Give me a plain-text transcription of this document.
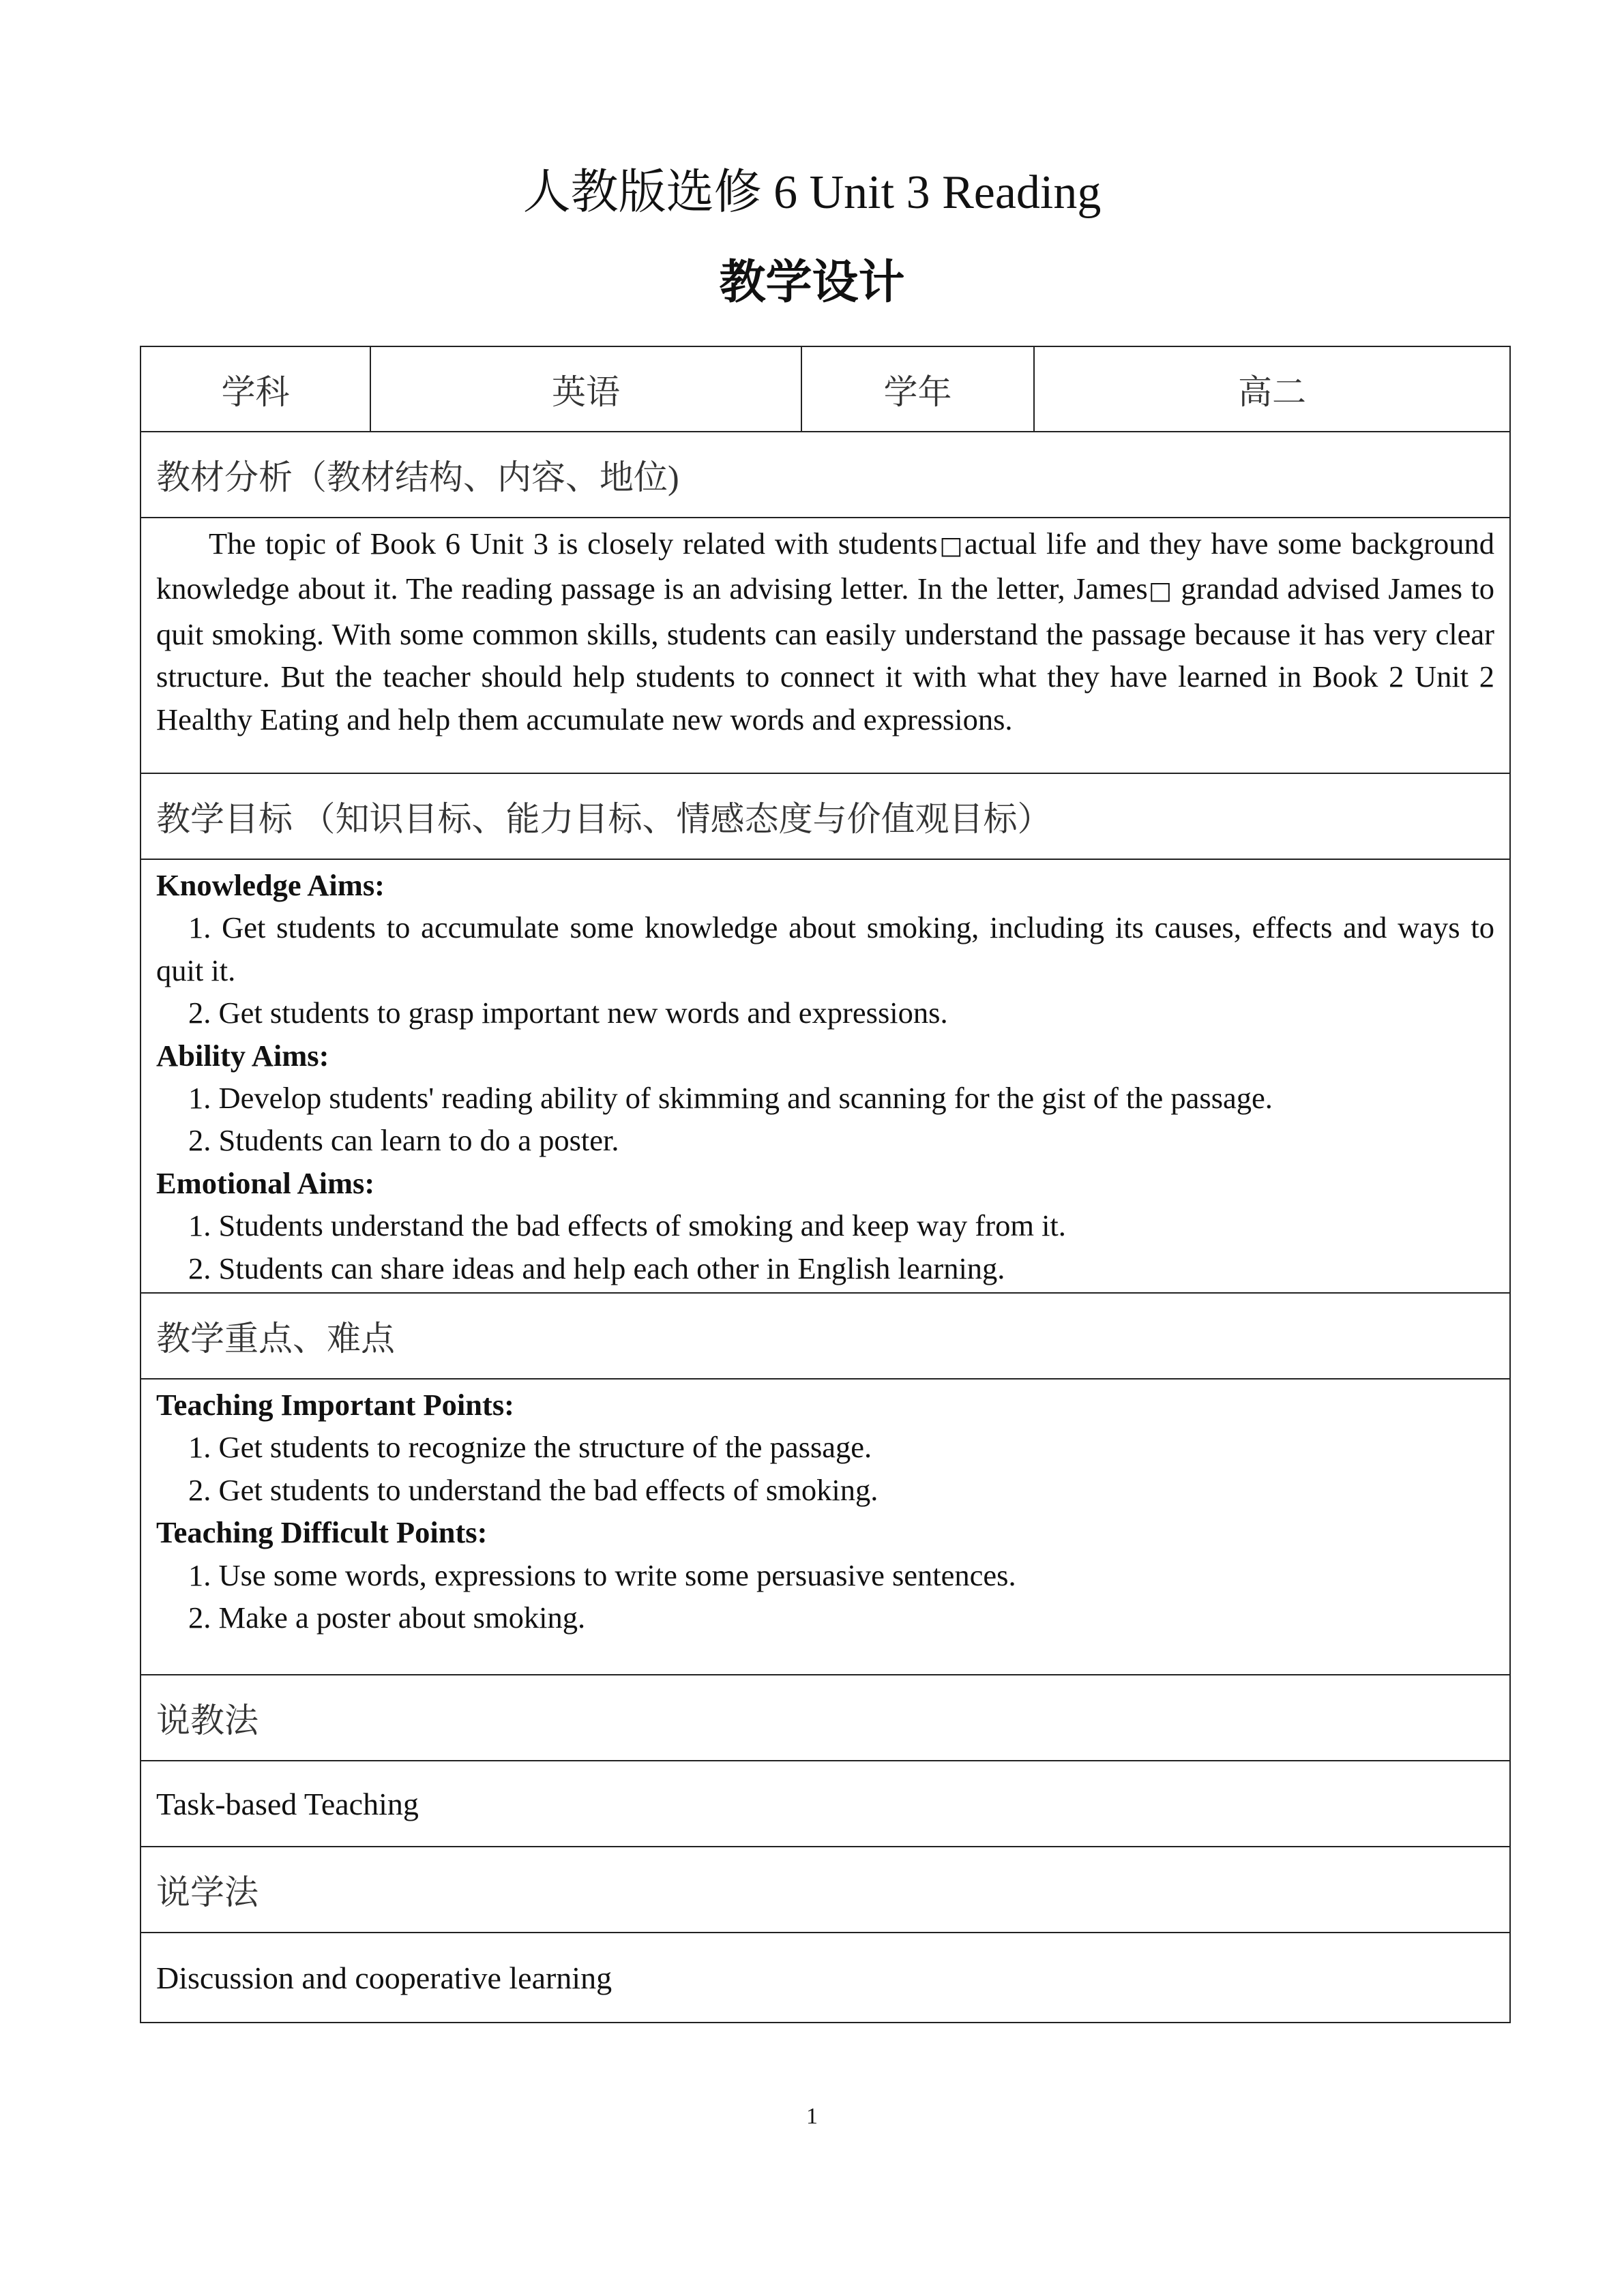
人教版选修 6 Unit 3 Reading
教学设计
学科	英语	学年	高二
教材分析（教材结构、内容、地位)

The topic of Book 6 Unit 3 is closely related with students□actual life and they have some background knowledge about it. The reading passage is an advising letter. In the letter, James□ grandad advised James to quit smoking. With some common skills, students can easily understand the passage because it has very clear structure. But the teacher should help students to connect it with what they have learned in Book 2 Unit 2 Healthy Eating and help them accumulate new words and expressions.

教学目标 （知识目标、能力目标、情感态度与价值观目标）

Knowledge Aims:

1. Get students to accumulate some knowledge about smoking, including its causes, effects and ways to quit it.

2. Get students to grasp important new words and expressions.

Ability Aims:

1. Develop students' reading ability of skimming and scanning for the gist of the passage.

2. Students can learn to do a poster.

Emotional Aims:

1. Students understand the bad effects of smoking and keep way from it.

2. Students can share ideas and help each other in English learning.

教学重点、难点

Teaching Important Points:

1. Get students to recognize the structure of the passage.

2. Get students to understand the bad effects of smoking.

Teaching Difficult Points:

1. Use some words, expressions to write some persuasive sentences.

2. Make a poster about smoking.

说教法
Task-based Teaching
说学法
Discussion and cooperative learning
1
